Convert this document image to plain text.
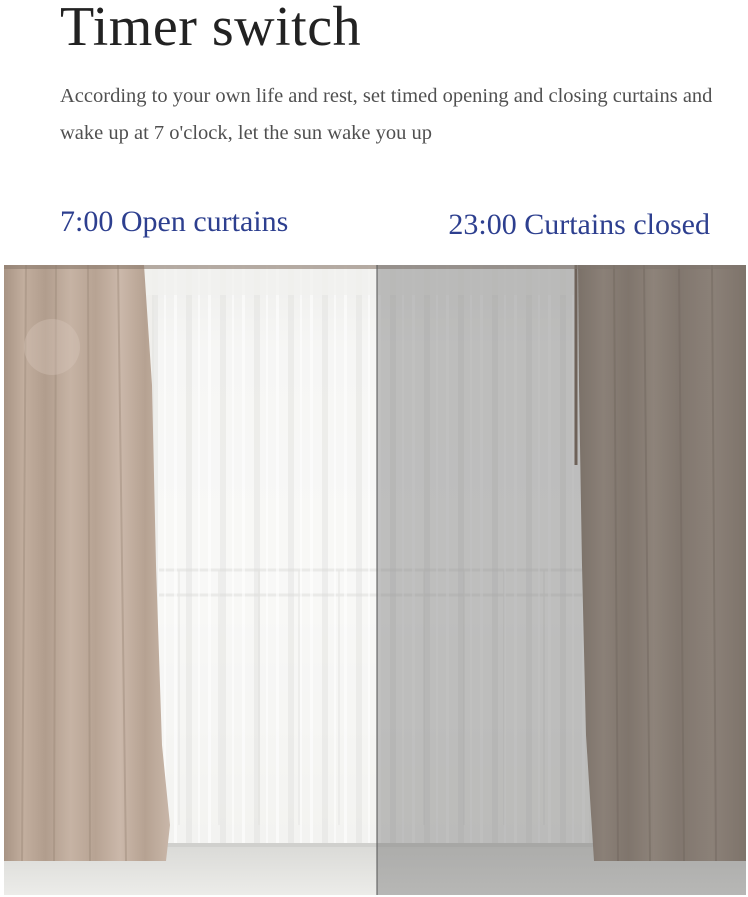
Timer switch

According to your own life and rest, set timed opening and closing curtains and wake up at 7 o'clock, let the sun wake you up

7:00 Open curtains	23:00 Curtains closed
